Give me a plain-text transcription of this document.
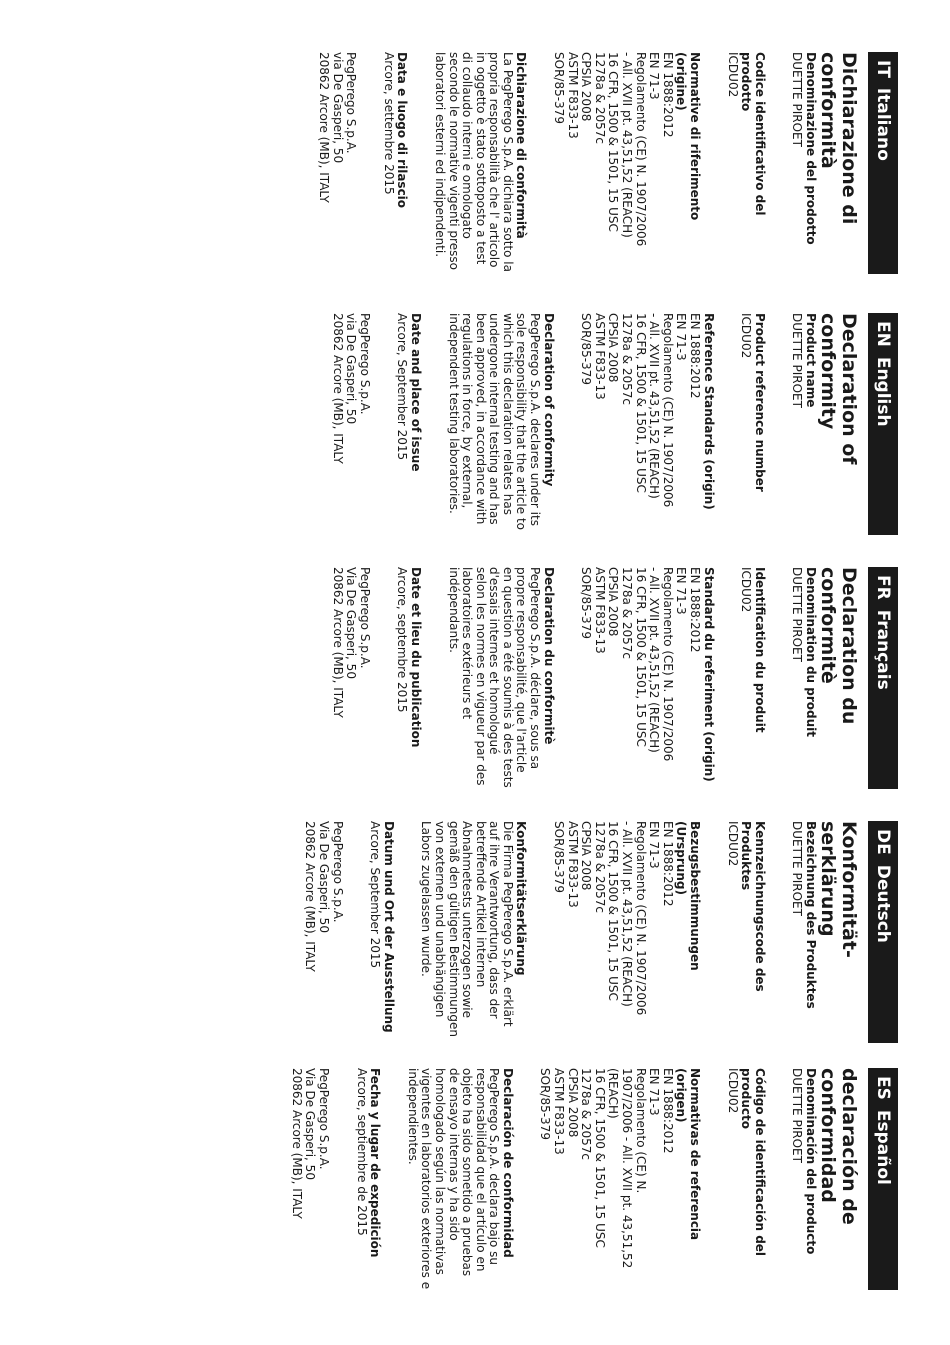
ITItaliano
Dichiarazione di conformità
Denominazione del prodotto
DUETTE PIROET
Codice identificativo del prodotto
ICDU02
Normative di riferimento (origine)
EN 1888:2012
EN 71-3
Regolamento (CE) N. 1907/2006
- All. XVII pt. 43,51,52 (REACH)
16 CFR, 1500 & 1501, 15 USC
1278a & 2057c
CPSIA 2008
ASTM F833-13
SOR/85-379
Dichiarazione di conformità
La PegPerego S.p.A. dichiara sotto la propria responsabilità che l' articolo in oggetto è stato sottoposto a test di collaudo interni e omologato secondo le normative vigenti presso laboratori esterni ed indipendenti.
Data e luogo di rilascio
Arcore, settembre 2015
PegPerego S.p.A.
via De Gasperi, 50
20862 Arcore (MB), ITALY
ENEnglish
Declaration of conformity
Product name
DUETTE PIROET
Product reference number
ICDU02
Reference Standards (origin)
EN 1888:2012
EN 71-3
Regolamento (CE) N. 1907/2006
- All. XVII pt. 43,51,52 (REACH)
16 CFR, 1500 & 1501, 15 USC
1278a & 2057c
CPSIA 2008
ASTM F833-13
SOR/85-379
Declaration of conformity
PegPerego S.p.A. declares under its sole responsibility that the article to which this declaration relates has undergone internal testing and has been approved, in accordance with regulations in force, by external, independent testing laboratories.
Date and place of issue
Arcore, September 2015
PegPerego S.p.A.
via De Gasperi, 50
20862 Arcore (MB), ITALY
FRFrançais
Declaration du conformitè
Denomination du produit
DUETTE PIROET
Identification du produit
ICDU02
Standard du referiment (origin)
EN 1888:2012
EN 71-3
Regolamento (CE) N. 1907/2006
- All. XVII pt. 43,51,52 (REACH)
16 CFR, 1500 & 1501, 15 USC
1278a & 2057c
CPSIA 2008
ASTM F833-13
SOR/85-379
Declaration du conformitè
PegPerego S.p.A. déclare, sous sa propre responsabilité, que l'article en question a été soumis à des tests d'essais internes et homologué selon les normes en vigueur par des laboratoires extérieurs et indépendants.
Date et lieu du publication
Arcore, septembre 2015
PegPerego S.p.A.
Via De Gasperi, 50
20862 Arcore (MB), ITALY
DEDeutsch
Konformität-serklärung
Bezeichnung des Produktes
DUETTE PIROET
Kennzeichnungscode des Produktes
ICDU02
Bezugsbestimmungen (Ursprung)
EN 1888:2012
EN 71-3
Regolamento (CE) N. 1907/2006
- All. XVII pt. 43,51,52 (REACH)
16 CFR, 1500 & 1501, 15 USC
1278a & 2057c
CPSIA 2008
ASTM F833-13
SOR/85-379
Konformitätserklärung
Die Firma PegPerego S.p.A. erklärt auf ihre Verantwortung, dass der betreffende Artikel internen Abnahmetests unterzogen sowie gemäß den gültigen Bestimmungen von externen und unabhängigen Labors zugelassen wurde.
Datum und Ort der Ausstellung
Arcore, September 2015
PegPerego S.p.A.
Via De Gasperi, 50
20862 Arcore (MB), ITALY
ESEspañol
declaración de conformidad
Denominación del producto
DUETTE PIROET
Código de identificación del producto
ICDU02
Normativas de referencia (origen)
EN 1888:2012
EN 71-3
Regolamento (CE) N.
1907/2006 - All. XVII pt. 43,51,52
(REACH)
16 CFR, 1500 & 1501, 15 USC
1278a & 2057c
CPSIA 2008
ASTM F833-13
SOR/85-379
Declaración de conformidad
PegPerego S.p.A. declara bajo su responsabilidad que el artículo en objeto ha sido sometido a pruebas de ensayo internas y ha sido homologado según las normativas vigentes en laboratorios exteriores e independientes.
Fecha y lugar de expedición
Arcore, septiembre de 2015
PegPerego S.p.A.
Via De Gasperi, 50
20862 Arcore (MB), ITALY
